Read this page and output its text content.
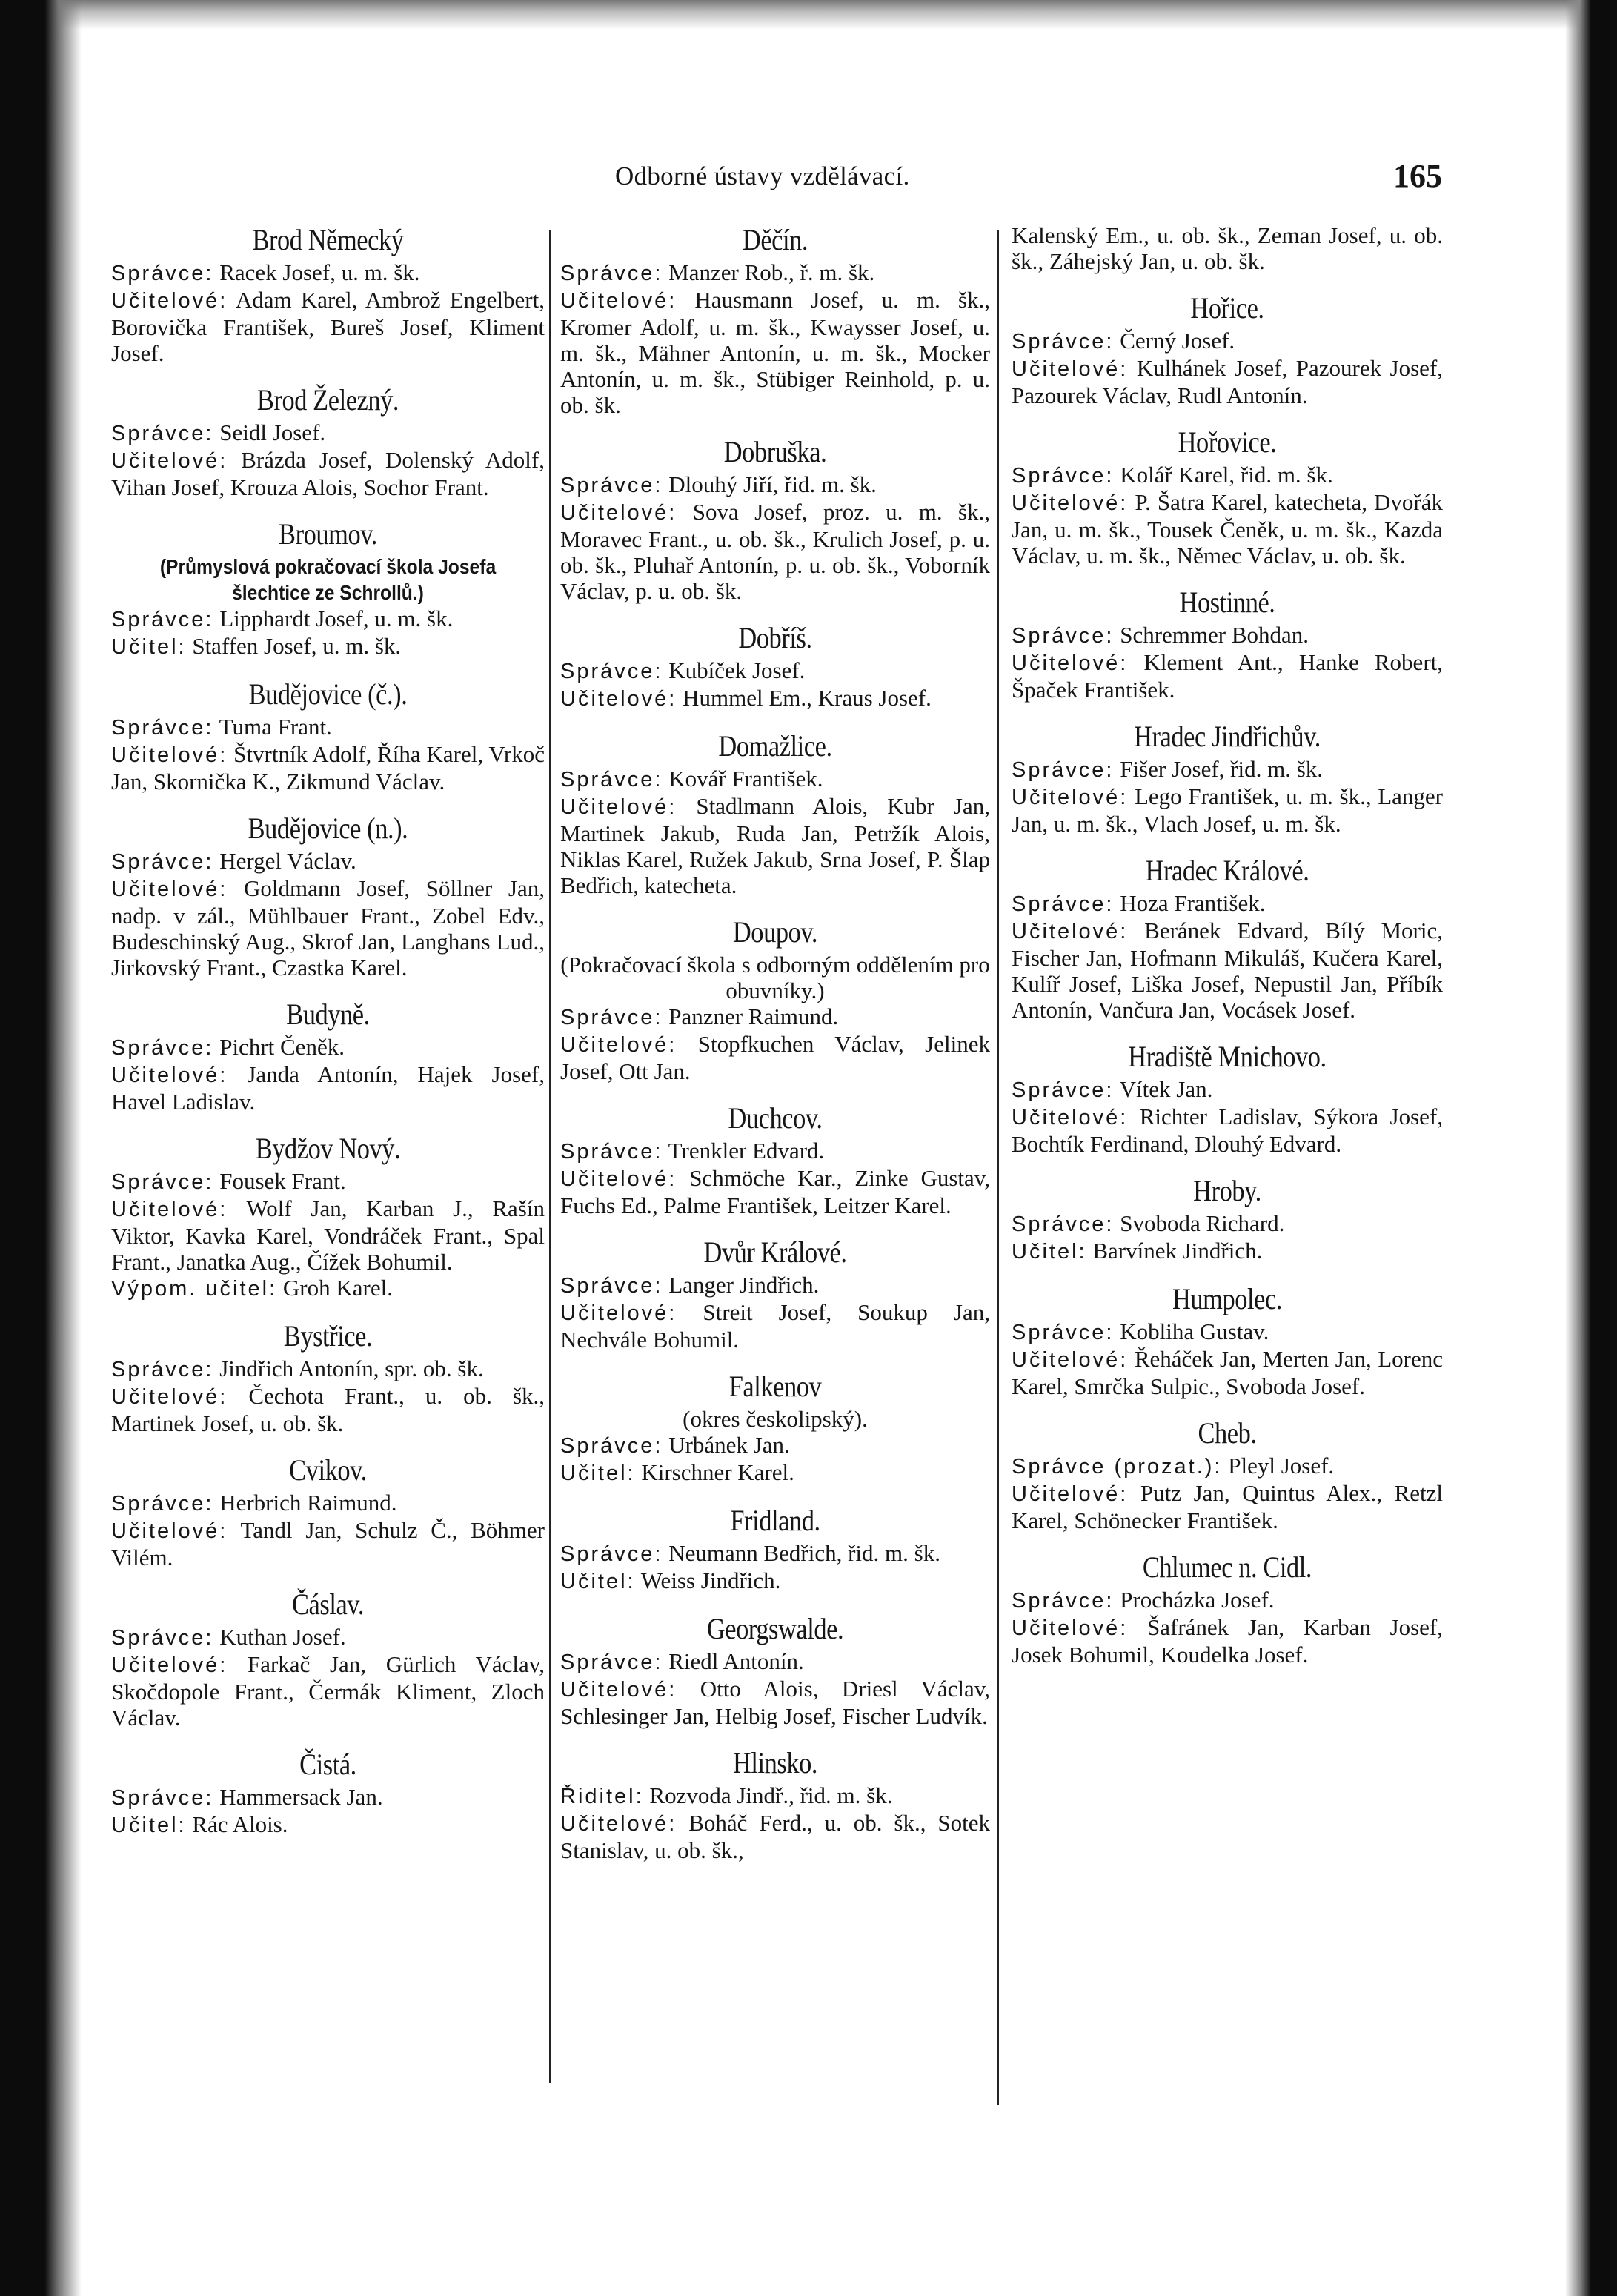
Odborné ústavy vzdělávací.	165
Brod Německý

Správce: Racek Josef, u. m. šk.

Učitelové: Adam Karel, Ambrož Engelbert, Borovička František, Bureš Josef, Kliment Josef.

Brod Železný.

Správce: Seidl Josef.

Učitelové: Brázda Josef, Dolenský Adolf, Vihan Josef, Krouza Alois, Sochor Frant.

Broumov.
(Průmyslová pokračovací škola Josefa šlechtice ze Schrollů.)

Správce: Lipphardt Josef, u. m. šk.

Učitel: Staffen Josef, u. m. šk.

Budějovice (č.).

Správce: Tuma Frant.

Učitelové: Štvrtník Adolf, Říha Karel, Vrkoč Jan, Skornička K., Zikmund Václav.

Budějovice (n.).

Správce: Hergel Václav.

Učitelové: Goldmann Josef, Söllner Jan, nadp. v zál., Mühlbauer Frant., Zobel Edv., Budeschinský Aug., Skrof Jan, Langhans Lud., Jirkovský Frant., Czastka Karel.

Budyně.

Správce: Pichrt Čeněk.

Učitelové: Janda Antonín, Hajek Josef, Havel Ladislav.

Bydžov Nový.

Správce: Fousek Frant.

Učitelové: Wolf Jan, Karban J., Rašín Viktor, Kavka Karel, Vondráček Frant., Spal Frant., Janatka Aug., Čížek Bohumil.

Výpom. učitel: Groh Karel.

Bystřice.

Správce: Jindřich Antonín, spr. ob. šk.

Učitelové: Čechota Frant., u. ob. šk., Martinek Josef, u. ob. šk.

Cvikov.

Správce: Herbrich Raimund.

Učitelové: Tandl Jan, Schulz Č., Böhmer Vilém.

Čáslav.

Správce: Kuthan Josef.

Učitelové: Farkač Jan, Gürlich Václav, Skočdopole Frant., Čermák Kliment, Zloch Václav.

Čistá.

Správce: Hammersack Jan.

Učitel: Rác Alois.

Děčín.

Správce: Manzer Rob., ř. m. šk.

Učitelové: Hausmann Josef, u. m. šk., Kromer Adolf, u. m. šk., Kwaysser Josef, u. m. šk., Mähner Antonín, u. m. šk., Mocker Antonín, u. m. šk., Stübiger Reinhold, p. u. ob. šk.

Dobruška.

Správce: Dlouhý Jiří, řid. m. šk.

Učitelové: Sova Josef, proz. u. m. šk., Moravec Frant., u. ob. šk., Krulich Josef, p. u. ob. šk., Pluhař Antonín, p. u. ob. šk., Voborník Václav, p. u. ob. šk.

Dobříš.

Správce: Kubíček Josef.

Učitelové: Hummel Em., Kraus Josef.

Domažlice.

Správce: Kovář František.

Učitelové: Stadlmann Alois, Kubr Jan, Martinek Jakub, Ruda Jan, Petržík Alois, Niklas Karel, Ružek Jakub, Srna Josef, P. Šlap Bedřich, katecheta.

Doupov.
(Pokračovací škola s odborným oddělením pro obuvníky.)

Správce: Panzner Raimund.

Učitelové: Stopfkuchen Václav, Jelinek Josef, Ott Jan.

Duchcov.

Správce: Trenkler Edvard.

Učitelové: Schmöche Kar., Zinke Gustav, Fuchs Ed., Palme František, Leitzer Karel.

Dvůr Králové.

Správce: Langer Jindřich.

Učitelové: Streit Josef, Soukup Jan, Nechvále Bohumil.

Falkenov
(okres českolipský).

Správce: Urbánek Jan.

Učitel: Kirschner Karel.

Fridland.

Správce: Neumann Bedřich, řid. m. šk.

Učitel: Weiss Jindřich.

Georgswalde.

Správce: Riedl Antonín.

Učitelové: Otto Alois, Driesl Václav, Schlesinger Jan, Helbig Josef, Fischer Ludvík.

Hlinsko.

Řiditel: Rozvoda Jindř., řid. m. šk.

Učitelové: Boháč Ferd., u. ob. šk., Sotek Stanislav, u. ob. šk.,

Kalenský Em., u. ob. šk., Zeman Josef, u. ob. šk., Záhejský Jan, u. ob. šk.

Hořice.

Správce: Černý Josef.

Učitelové: Kulhánek Josef, Pazourek Josef, Pazourek Václav, Rudl Antonín.

Hořovice.

Správce: Kolář Karel, řid. m. šk.

Učitelové: P. Šatra Karel, katecheta, Dvořák Jan, u. m. šk., Tousek Čeněk, u. m. šk., Kazda Václav, u. m. šk., Němec Václav, u. ob. šk.

Hostinné.

Správce: Schremmer Bohdan.

Učitelové: Klement Ant., Hanke Robert, Špaček František.

Hradec Jindřichův.

Správce: Fišer Josef, řid. m. šk.

Učitelové: Lego František, u. m. šk., Langer Jan, u. m. šk., Vlach Josef, u. m. šk.

Hradec Králové.

Správce: Hoza František.

Učitelové: Beránek Edvard, Bílý Moric, Fischer Jan, Hofmann Mikuláš, Kučera Karel, Kulíř Josef, Liška Josef, Nepustil Jan, Příbík Antonín, Vančura Jan, Vocásek Josef.

Hradiště Mnichovo.

Správce: Vítek Jan.

Učitelové: Richter Ladislav, Sýkora Josef, Bochtík Ferdinand, Dlouhý Edvard.

Hroby.

Správce: Svoboda Richard.

Učitel: Barvínek Jindřich.

Humpolec.

Správce: Kobliha Gustav.

Učitelové: Řeháček Jan, Merten Jan, Lorenc Karel, Smrčka Sulpic., Svoboda Josef.

Cheb.

Správce (prozat.): Pleyl Josef.

Učitelové: Putz Jan, Quintus Alex., Retzl Karel, Schönecker František.

Chlumec n. Cidl.

Správce: Procházka Josef.

Učitelové: Šafránek Jan, Karban Josef, Josek Bohumil, Koudelka Josef.
